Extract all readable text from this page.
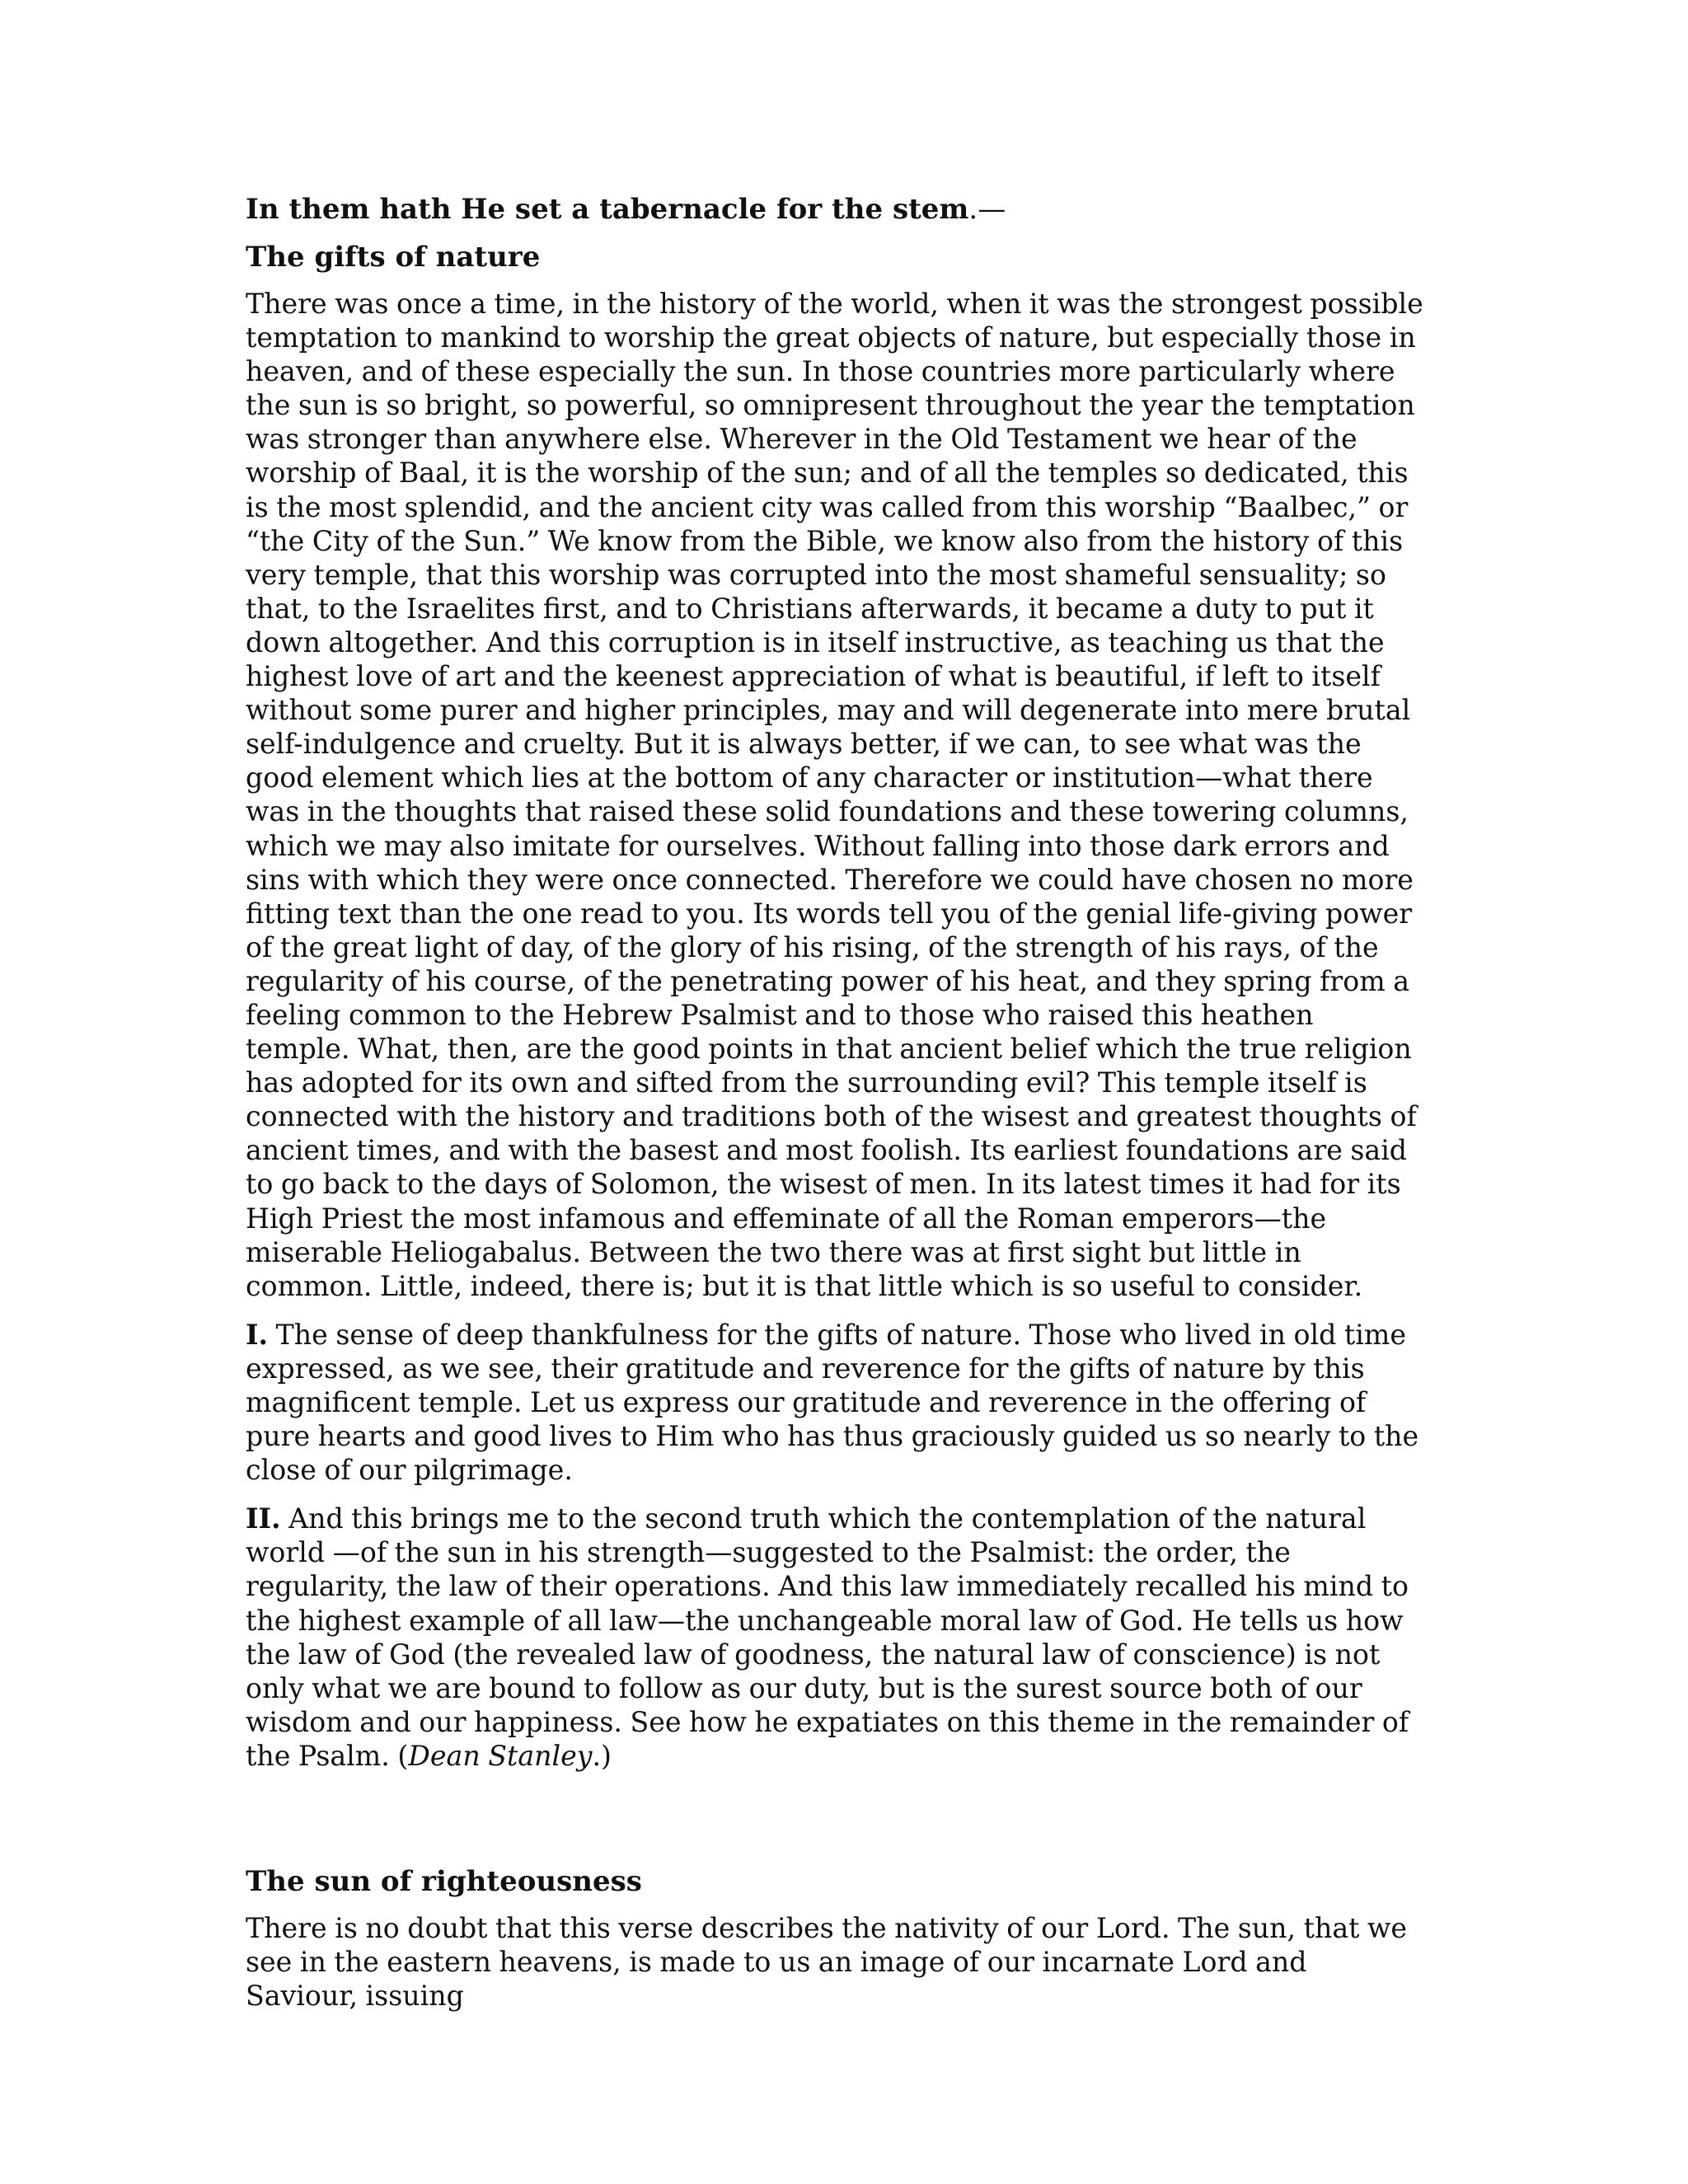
In them hath He set a tabernacle for the stem.—
The gifts of nature

There was once a time, in the history of the world, when it was the strongest possible temptation to mankind to worship the great objects of nature, but especially those in heaven, and of these especially the sun. In those countries more particularly where the sun is so bright, so powerful, so omnipresent throughout the year the temptation was stronger than anywhere else. Wherever in the Old Testament we hear of the worship of Baal, it is the worship of the sun; and of all the temples so dedicated, this is the most splendid, and the ancient city was called from this worship “Baalbec,” or “the City of the Sun.” We know from the Bible, we know also from the history of this very temple, that this worship was corrupted into the most shameful sensuality; so that, to the Israelites first, and to Christians afterwards, it became a duty to put it down altogether. And this corruption is in itself instructive, as teaching us that the highest love of art and the keenest appreciation of what is beautiful, if left to itself without some purer and higher principles, may and will degenerate into mere brutal self-indulgence and cruelty. But it is always better, if we can, to see what was the good element which lies at the bottom of any character or institution—what there was in the thoughts that raised these solid foundations and these towering columns, which we may also imitate for ourselves. Without falling into those dark errors and sins with which they were once connected. Therefore we could have chosen no more fitting text than the one read to you. Its words tell you of the genial life-giving power of the great light of day, of the glory of his rising, of the strength of his rays, of the regularity of his course, of the penetrating power of his heat, and they spring from a feeling common to the Hebrew Psalmist and to those who raised this heathen temple. What, then, are the good points in that ancient belief which the true religion has adopted for its own and sifted from the surrounding evil? This temple itself is connected with the history and traditions both of the wisest and greatest thoughts of ancient times, and with the basest and most foolish. Its earliest foundations are said to go back to the days of Solomon, the wisest of men. In its latest times it had for its High Priest the most infamous and effeminate of all the Roman emperors—the miserable Heliogabalus. Between the two there was at first sight but little in common. Little, indeed, there is; but it is that little which is so useful to consider.

I. The sense of deep thankfulness for the gifts of nature. Those who lived in old time expressed, as we see, their gratitude and reverence for the gifts of nature by this magnificent temple. Let us express our gratitude and reverence in the offering of pure hearts and good lives to Him who has thus graciously guided us so nearly to the close of our pilgrimage.

II. And this brings me to the second truth which the contemplation of the natural world —of the sun in his strength—suggested to the Psalmist: the order, the regularity, the law of their operations. And this law immediately recalled his mind to the highest example of all law—the unchangeable moral law of God. He tells us how the law of God (the revealed law of goodness, the natural law of conscience) is not only what we are bound to follow as our duty, but is the surest source both of our wisdom and our happiness. See how he expatiates on this theme in the remainder of the Psalm. (Dean Stanley.)

The sun of righteousness

There is no doubt that this verse describes the nativity of our Lord. The sun, that we see in the eastern heavens, is made to us an image of our incarnate Lord and Saviour, issuing
